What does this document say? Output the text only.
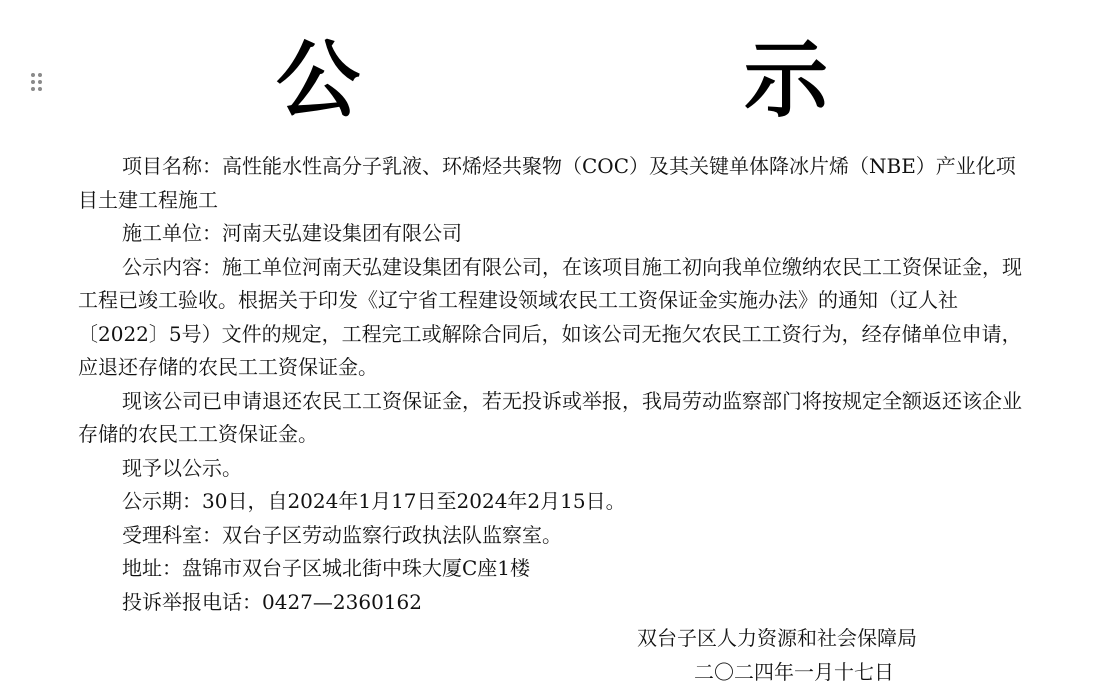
公　示

项目名称：高性能水性高分子乳液、环烯烃共聚物（COC）及其关键单体降冰片烯（NBE）产业化项目土建工程施工

施工单位：河南天弘建设集团有限公司

公示内容：施工单位河南天弘建设集团有限公司，在该项目施工初向我单位缴纳农民工工资保证金，现工程已竣工验收。根据关于印发《辽宁省工程建设领域农民工工资保证金实施办法》的通知（辽人社〔2022〕5号）文件的规定，工程完工或解除合同后，如该公司无拖欠农民工工资行为，经存储单位申请，应退还存储的农民工工资保证金。

现该公司已申请退还农民工工资保证金，若无投诉或举报，我局劳动监察部门将按规定全额返还该企业存储的农民工工资保证金。

现予以公示。

公示期：30日，自2024年1月17日至2024年2月15日。

受理科室：双台子区劳动监察行政执法队监察室。

地址：盘锦市双台子区城北街中珠大厦C座1楼

投诉举报电话：0427—2360162

双台子区人力资源和社会保障局
二〇二四年一月十七日
